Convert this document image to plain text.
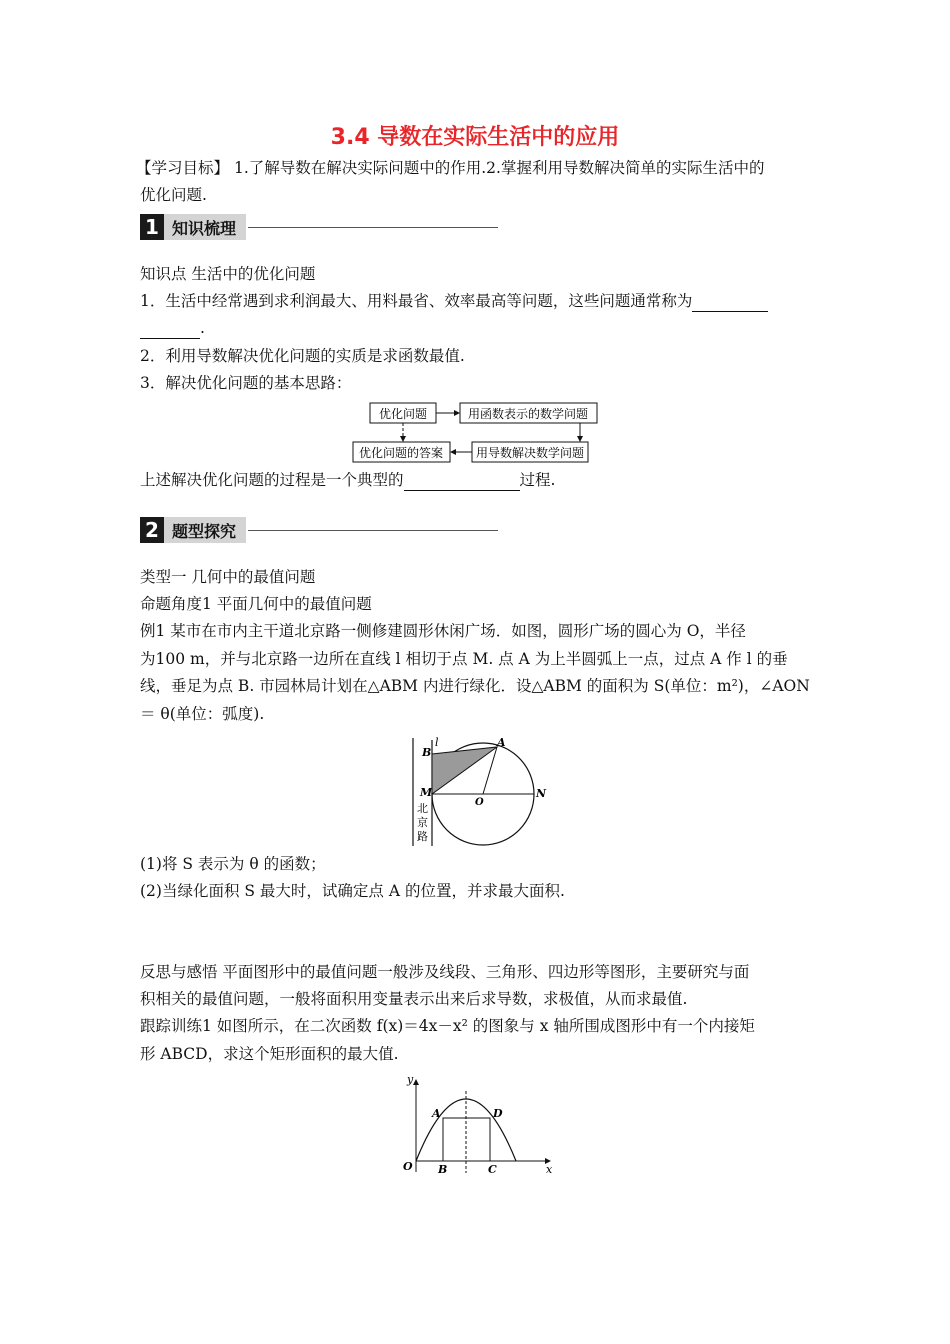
3.4 导数在实际生活中的应用
【学习目标】 1.了解导数在解决实际问题中的作用.2.掌握利用导数解决简单的实际生活中的
优化问题.
1 知识梳理
知识点 生活中的优化问题
1．生活中经常遇到求利润最大、用料最省、效率最高等问题，这些问题通常称为
.
2．利用导数解决优化问题的实质是求函数最值.
3．解决优化问题的基本思路：
优化问题	用函数表示的数学问题
用导数解决数学问题
优化问题的答案
上述解决优化问题的过程是一个典型的	过程.
2 题型探究
类型一 几何中的最值问题
命题角度1 平面几何中的最值问题
例1 某市在市内主干道北京路一侧修建圆形休闲广场．如图，圆形广场的圆心为 O，半径
为100 m，并与北京路一边所在直线 l 相切于点 M. 点 A 为上半圆弧上一点，过点 A 作 l 的垂
线，垂足为点 B. 市园林局计划在△ABM 内进行绿化．设△ABM 的面积为 S(单位：m²)，∠AON
＝ θ(单位：弧度).
B
l	A
M
O
N
北
京
路
(1)将 S 表示为 θ 的函数；
(2)当绿化面积 S 最大时，试确定点 A 的位置，并求最大面积.
反思与感悟 平面图形中的最值问题一般涉及线段、三角形、四边形等图形，主要研究与面
积相关的最值问题，一般将面积用变量表示出来后求导数，求极值，从而求最值.
跟踪训练1 如图所示，在二次函数 f(x)＝4x－x² 的图象与 x 轴所围成图形中有一个内接矩
形 ABCD，求这个矩形面积的最大值.
y
x
O
A	D
B	C
